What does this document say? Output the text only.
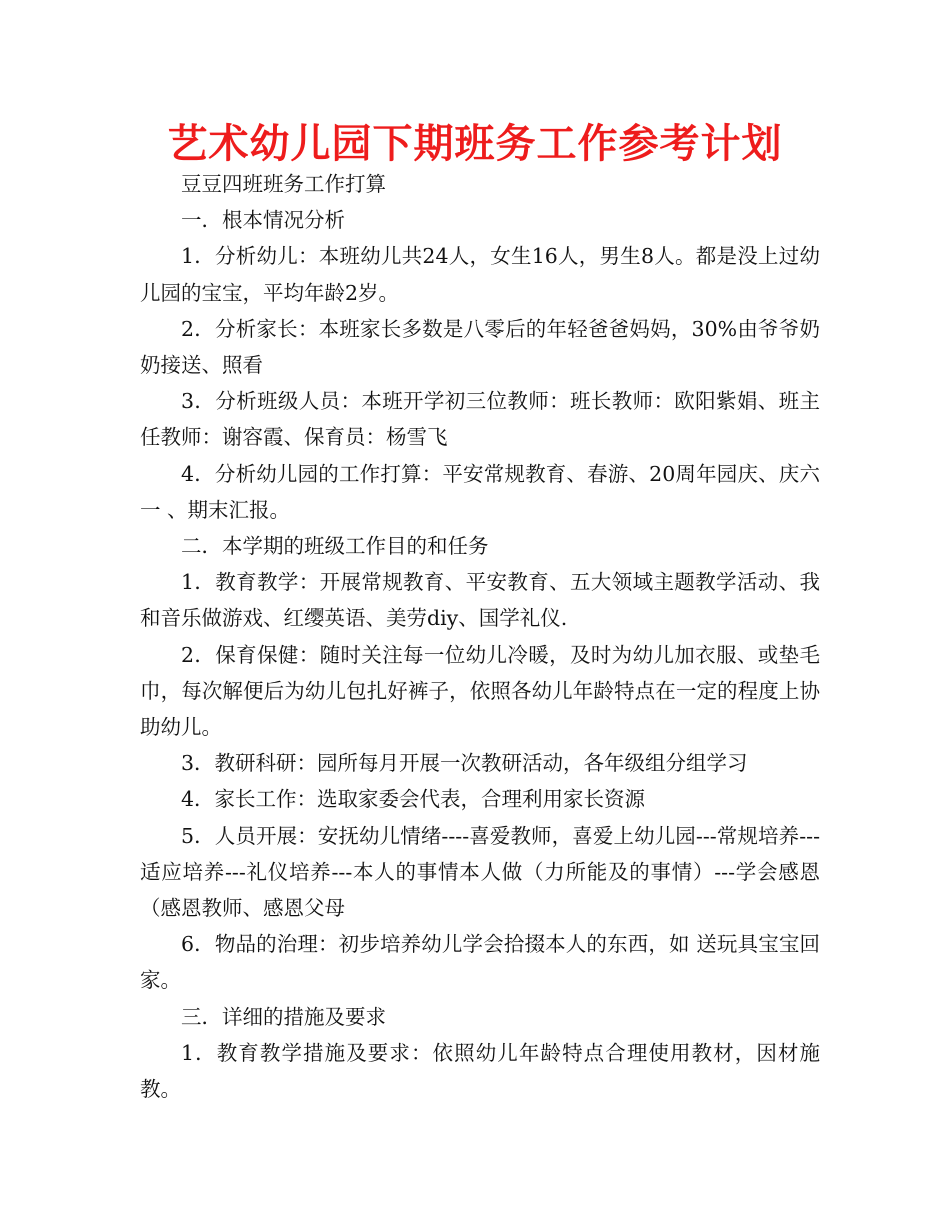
艺术幼儿园下期班务工作参考计划

豆豆四班班务工作打算

一．根本情况分析

1．分析幼儿：本班幼儿共24人，女生16人，男生8人。都是没上过幼儿园的宝宝，平均年龄2岁。

2．分析家长：本班家长多数是八零后的年轻爸爸妈妈，30%由爷爷奶奶接送、照看

3．分析班级人员：本班开学初三位教师：班长教师：欧阳紫娟、班主任教师：谢容霞、保育员：杨雪飞

4．分析幼儿园的工作打算：平安常规教育、春游、20周年园庆、庆六一 、期末汇报。

二．本学期的班级工作目的和任务

1．教育教学：开展常规教育、平安教育、五大领域主题教学活动、我和音乐做游戏、红缨英语、美劳diy、国学礼仪.

2．保育保健：随时关注每一位幼儿冷暖，及时为幼儿加衣服、或垫毛巾，每次解便后为幼儿包扎好裤子，依照各幼儿年龄特点在一定的程度上协助幼儿。

3．教研科研：园所每月开展一次教研活动，各年级组分组学习

4．家长工作：选取家委会代表，合理利用家长资源

5．人员开展：安抚幼儿情绪----喜爱教师，喜爱上幼儿园---常规培养---适应培养---礼仪培养---本人的事情本人做（力所能及的事情）---学会感恩（感恩教师、感恩父母

6．物品的治理：初步培养幼儿学会拾掇本人的东西，如 送玩具宝宝回家。

三．详细的措施及要求

1．教育教学措施及要求：依照幼儿年龄特点合理使用教材，因材施教。
